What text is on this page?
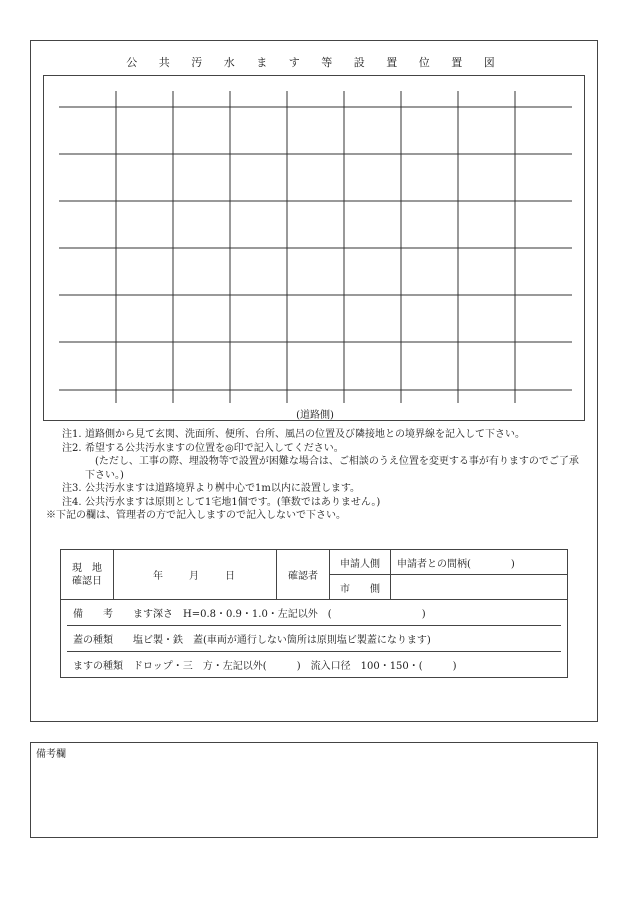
公 共 汚 水 ま す 等 設 置 位 置 図
(道路側)
注1. 道路側から見て玄関、洗面所、便所、台所、風呂の位置及び隣接地との境界線を記入して下さい。
注2. 希望する公共汚水ますの位置を◎印で記入してください。
(ただし、工事の際、埋設物等で設置が困難な場合は、ご相談のうえ位置を変更する事が有りますのでご了承下さい。)
注3. 公共汚水ますは道路境界より桝中心で1m以内に設置します。
注4. 公共汚水ますは原則として1宅地1個です。(筆数ではありません。)
※下記の欄は、管理者の方で記入しますので記入しないで下さい。
現　地
確認日	年　　月　　日	確認者	申請人側	申請者との間柄(　　　　)
			市　　側	

備　　考　　ます深さ　H=0.8・0.9・1.0・左記以外　(　　　　　　　　　)
蓋の種類　　塩ビ製・鉄　蓋(車両が通行しない箇所は原則塩ビ製蓋になります)
ますの種類　ドロップ・三　方・左記以外(　　　)　流入口径　100・150・(　　　)				
備考欄
